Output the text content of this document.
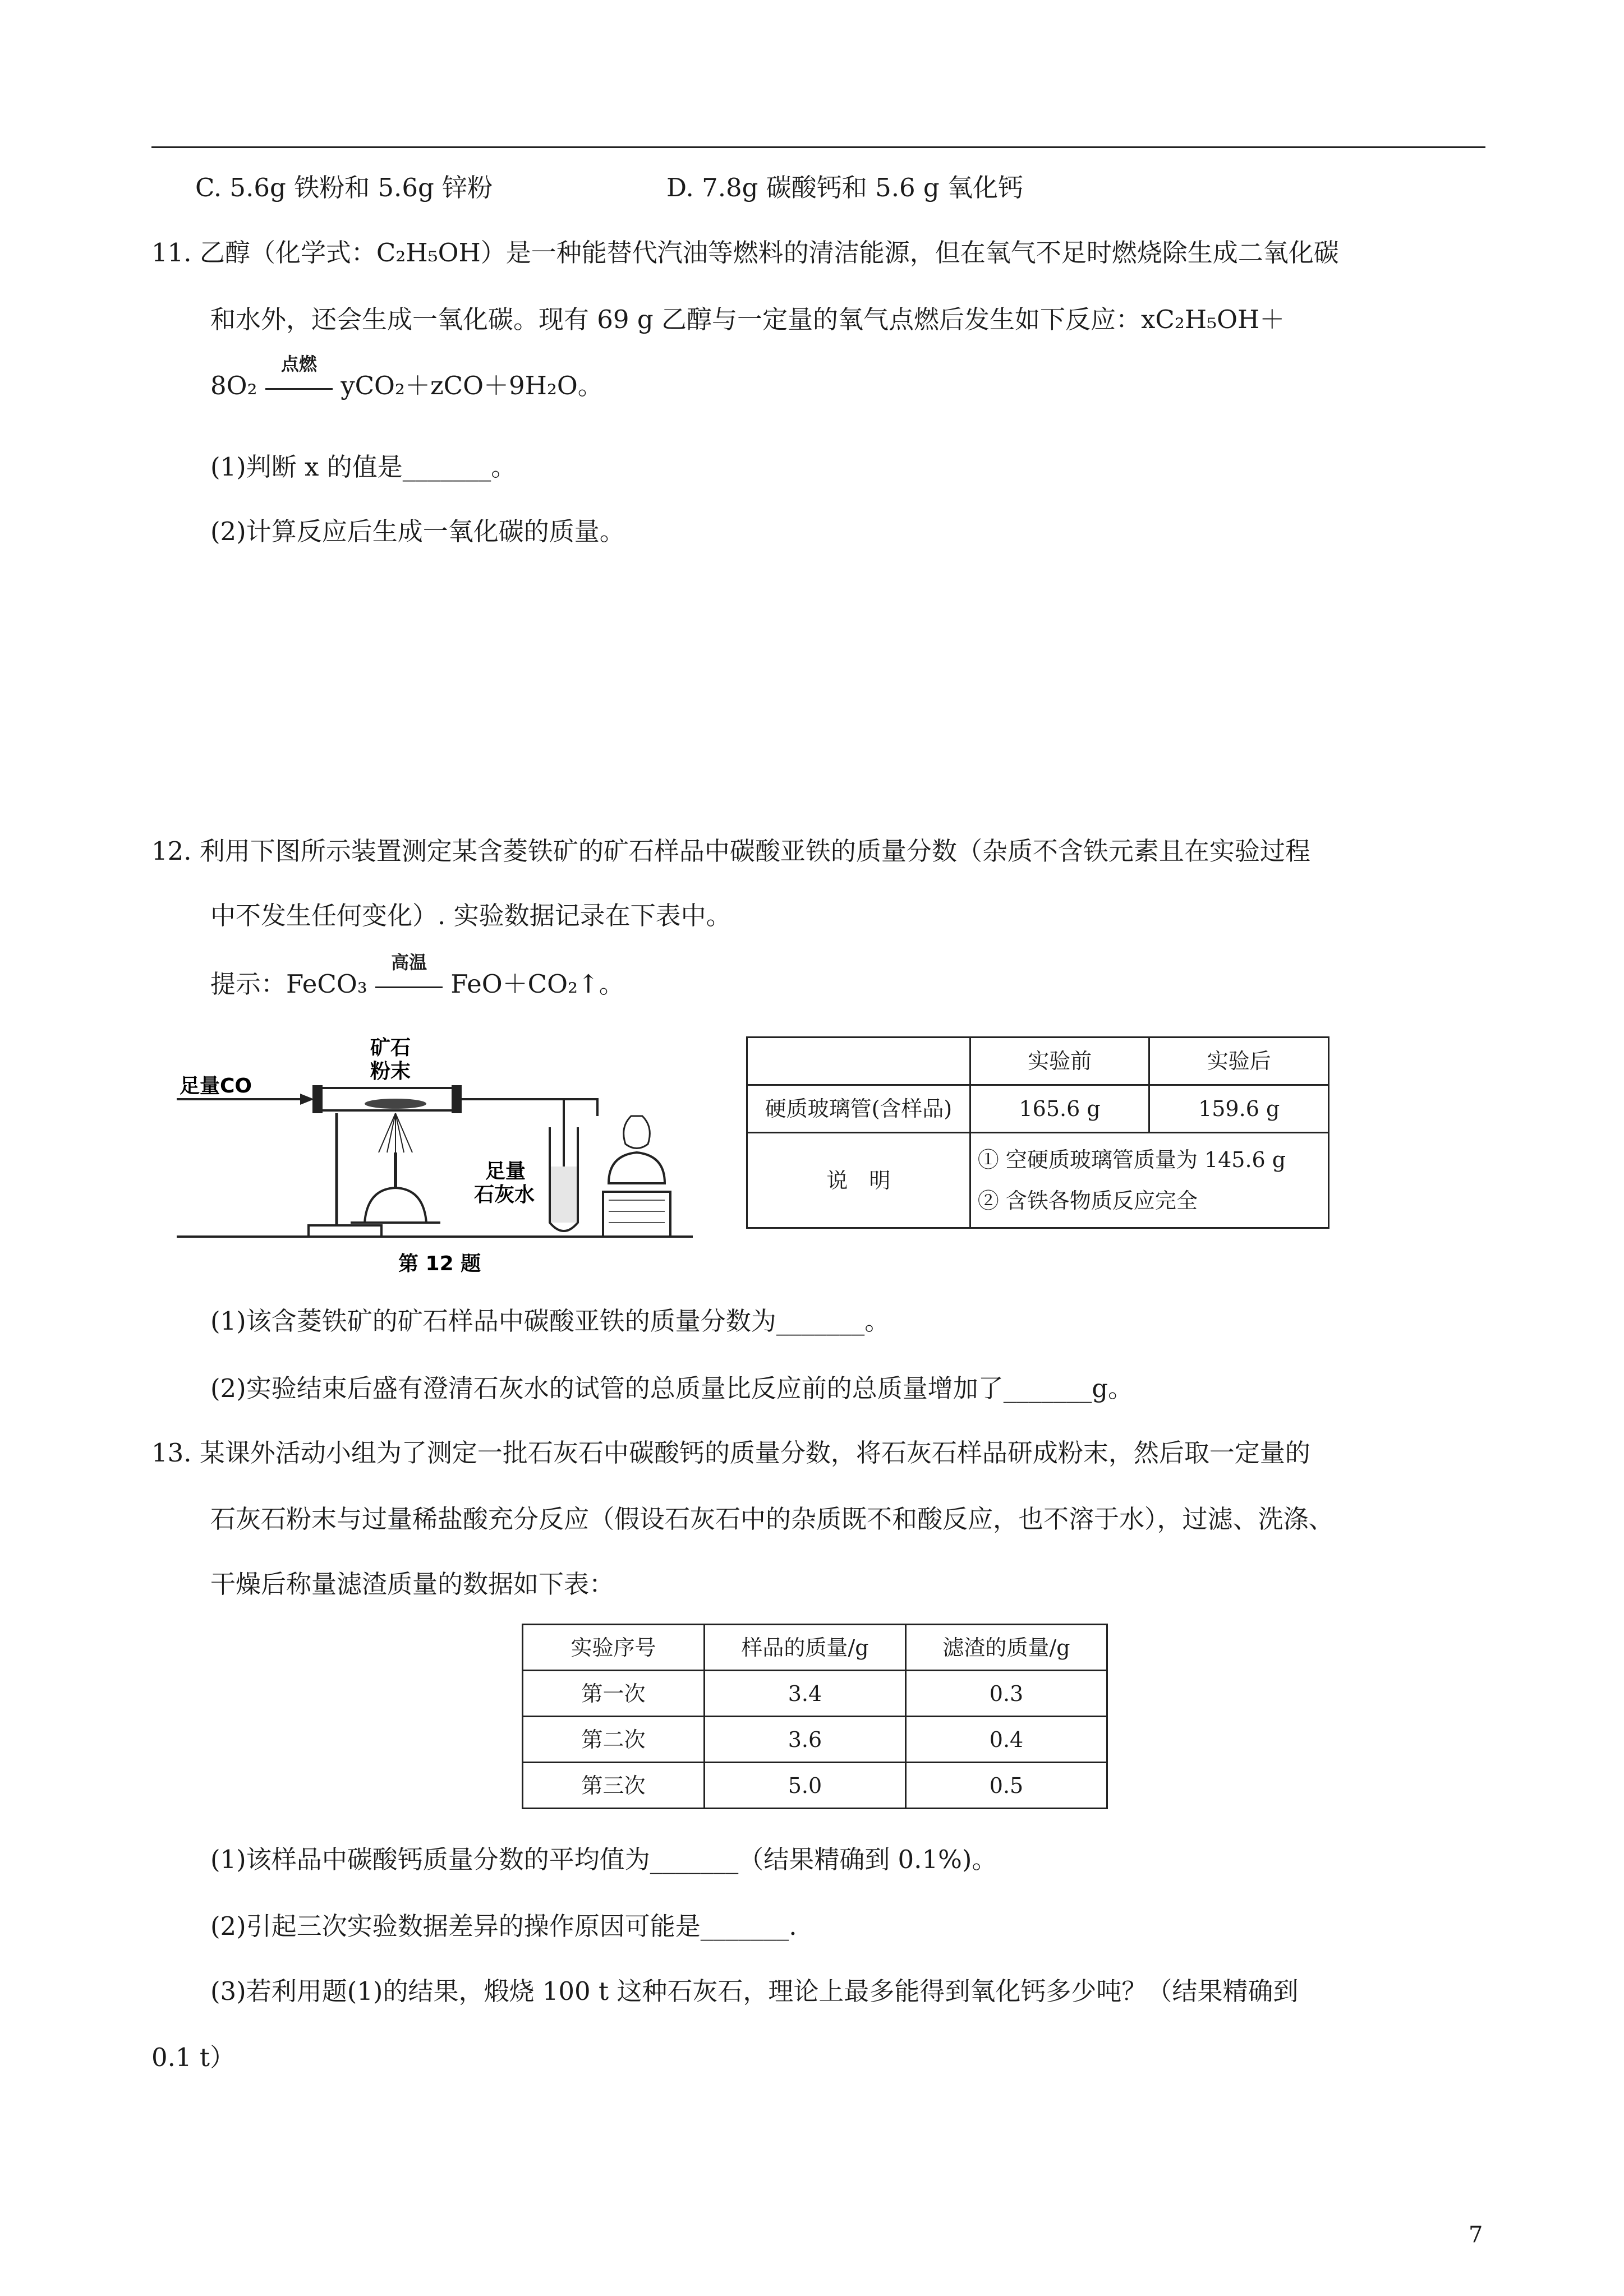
C. 5.6g 铁粉和 5.6g 锌粉	D. 7.8g 碳酸钙和 5.6 g 氧化钙
11. 乙醇（化学式：C₂H₅OH）是一种能替代汽油等燃料的清洁能源，但在氧气不足时燃烧除生成二氧化碳
和水外，还会生成一氧化碳。现有 69 g 乙醇与一定量的氧气点燃后发生如下反应：xC₂H₅OH＋
8O₂
点燃
yCO₂＋zCO＋9H₂O。
(1)判断 x 的值是_______。
(2)计算反应后生成一氧化碳的质量。
12. 利用下图所示装置测定某含菱铁矿的矿石样品中碳酸亚铁的质量分数（杂质不含铁元素且在实验过程
中不发生任何变化）. 实验数据记录在下表中。
提示：FeCO₃
高温
FeO＋CO₂↑。
足量CO
矿石
粉末
足量
石灰水
第 12 题
	实验前	实验后
硬质玻璃管(含样品)	165.6 g	159.6 g
说　明	① 空硬质玻璃管质量为 145.6 g
② 含铁各物质反应完全	
(1)该含菱铁矿的矿石样品中碳酸亚铁的质量分数为_______。
(2)实验结束后盛有澄清石灰水的试管的总质量比反应前的总质量增加了_______g。
13. 某课外活动小组为了测定一批石灰石中碳酸钙的质量分数，将石灰石样品研成粉末，然后取一定量的
石灰石粉末与过量稀盐酸充分反应（假设石灰石中的杂质既不和酸反应，也不溶于水），过滤、洗涤、
干燥后称量滤渣质量的数据如下表：
实验序号	样品的质量/g	滤渣的质量/g
第一次	3.4	0.3
第二次	3.6	0.4
第三次	5.0	0.5
(1)该样品中碳酸钙质量分数的平均值为_______（结果精确到 0.1%)。
(2)引起三次实验数据差异的操作原因可能是_______.
(3)若利用题(1)的结果，煅烧 100 t 这种石灰石，理论上最多能得到氧化钙多少吨？（结果精确到
0.1 t）
7
